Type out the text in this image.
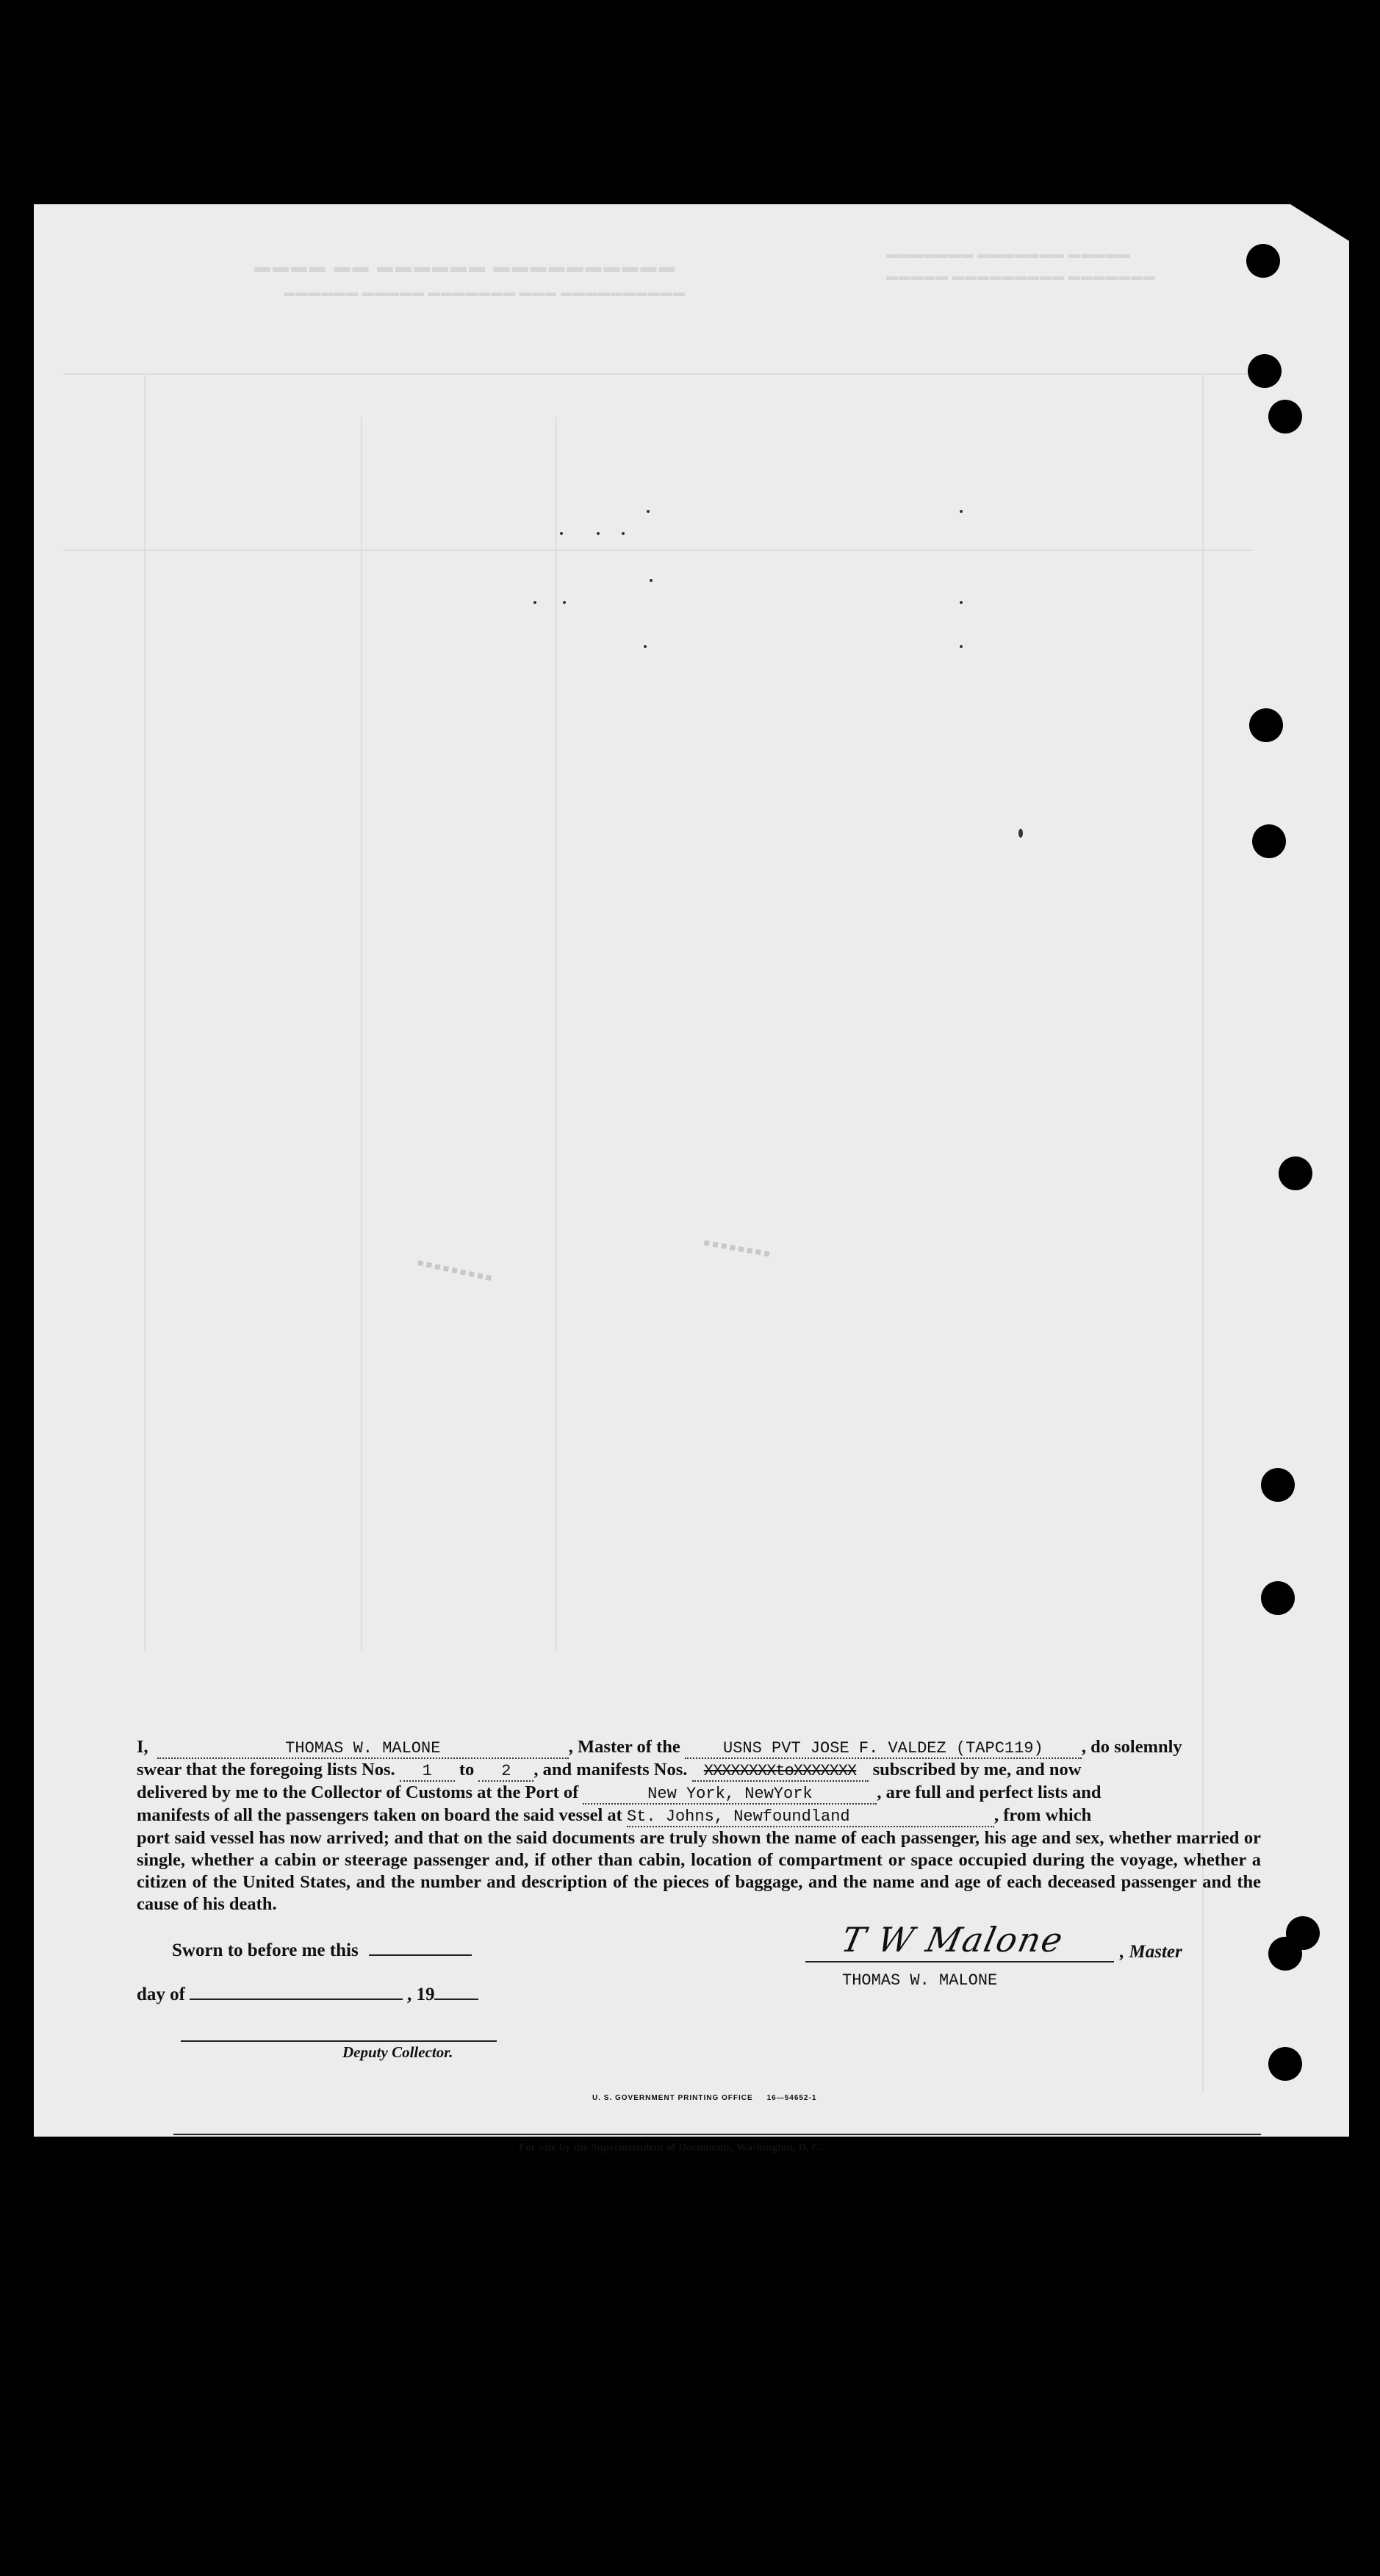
▬▬▬▬ ▬▬ ▬▬▬▬▬▬ ▬▬▬▬▬▬▬▬▬▬
▬▬▬▬▬▬ ▬▬▬▬▬ ▬▬▬▬▬▬▬ ▬▬▬ ▬▬▬▬▬▬▬▬▬▬
▬▬▬▬▬▬▬ ▬▬▬▬▬▬▬ ▬▬▬▬▬
▬▬▬▬▬ ▬▬▬▬▬▬▬▬▬ ▬▬▬▬▬▬▬
▪▪▪▪▪▪▪▪▪
▪▪▪▪▪▪▪▪
I,	THOMAS W. MALONE	, Master of the	USNS PVT JOSE F. VALDEZ (TAPC119) , do solemnly
swear that the foregoing lists Nos. 1 to 2 , and manifests Nos. XXXXXXXXtoXXXXXXX subscribed by me, and now
delivered by me to the Collector of Customs at the Port of	New York, NewYork	, are full and perfect lists and
manifests of all the passengers taken on board the said vessel at St. Johns, Newfoundland	, from which
port said vessel has now arrived; and that on the said documents are truly shown the name of each passenger, his age and sex, whether married or single, whether a cabin or steerage passenger and, if other than cabin, location of compartment or space occupied during the voyage, whether a citizen of the United States, and the number and description of the pieces of baggage, and the name and age of each deceased passenger and the cause of his death.
Sworn to before me this
day of	, 19
Deputy Collector.
T W Malone	, Master
THOMAS W. MALONE
U. S. GOVERNMENT PRINTING OFFICE     16—54652-1
For sale by the Superintendent of Documents, Washington, D. C.
